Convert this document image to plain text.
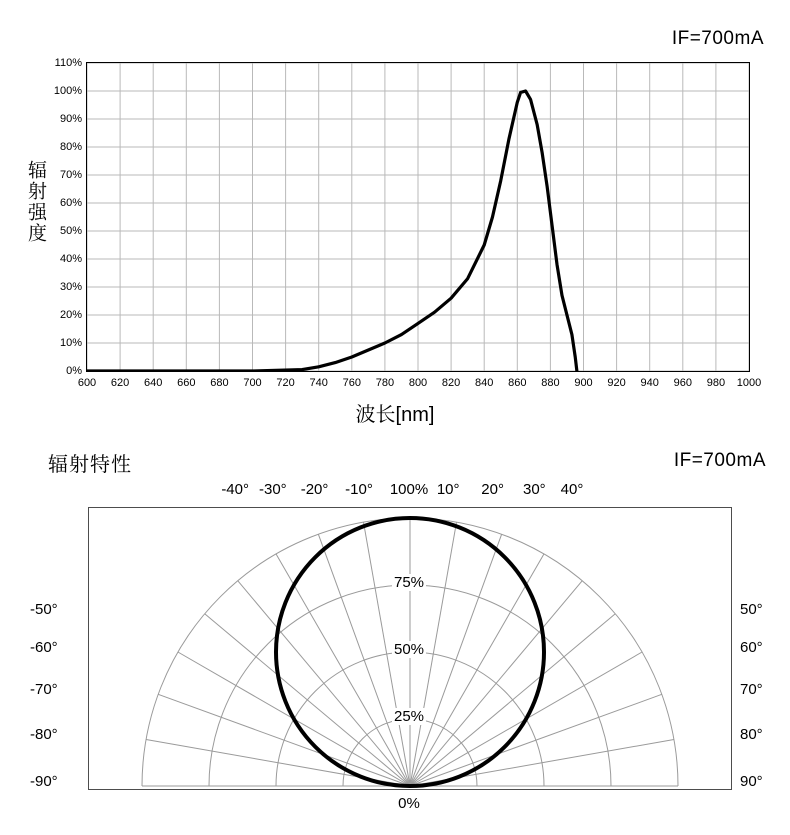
IF=700mA
辐射强度
0%
10%
20%
30%
40%
50%
60%
70%
80%
90%
100%
110%
600 620 640 660 680 700 720 740 760 780 800 820 840 860 880 900 920 940 960 980 1000
波长[nm]
辐射特性	IF=700mA
-40° -30° -20° -10°	10° 20° 30° 40°
-50°
-60°
-70°
-80°
-90°
50°
60°
70°
80°
90°
0%
25%
50%
75%
100%
